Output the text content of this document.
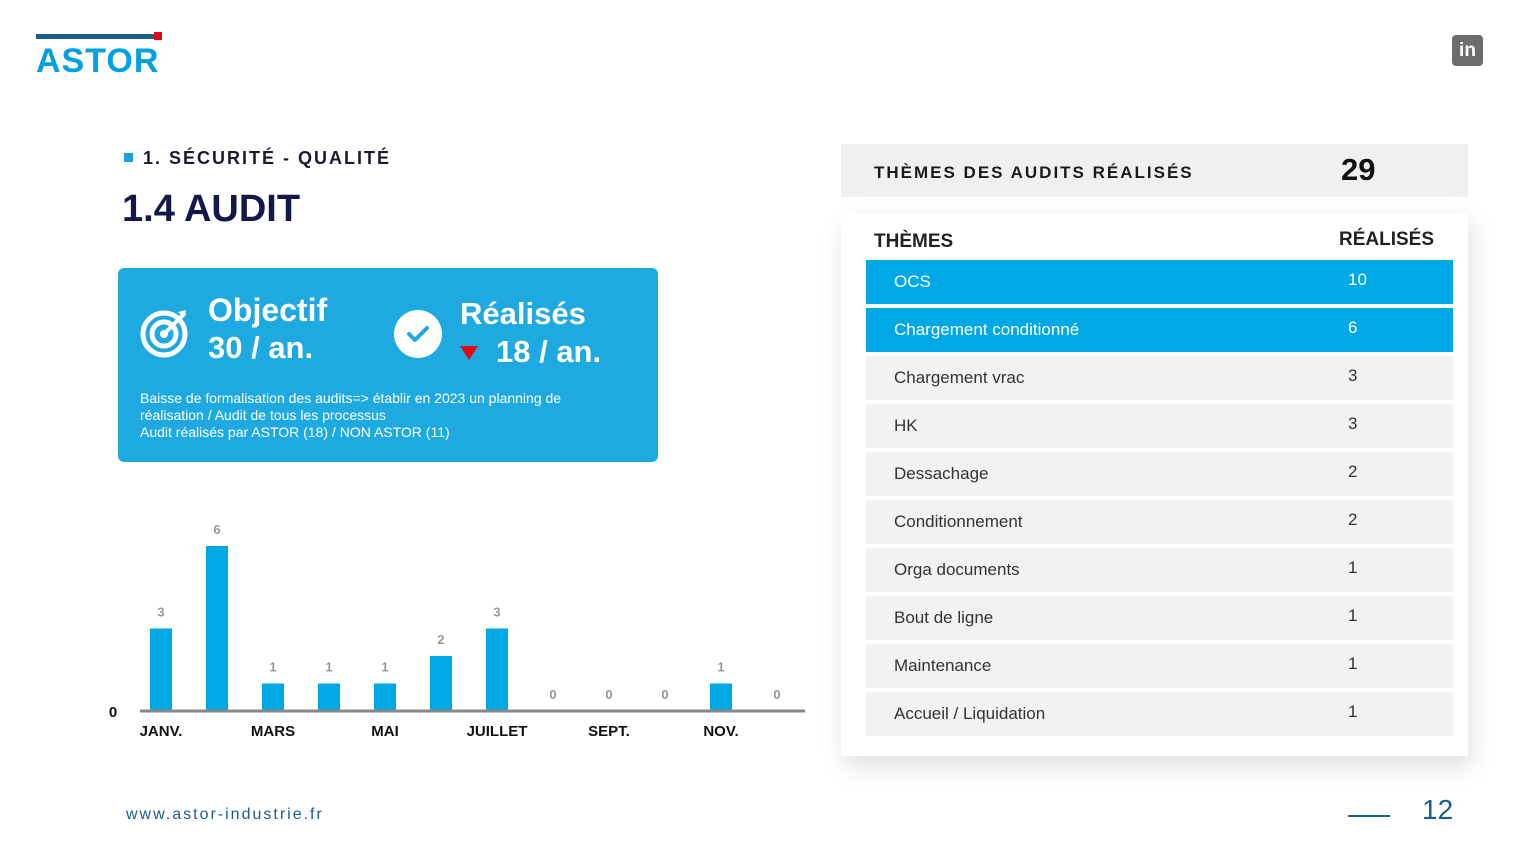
ASTOR	in
1. SÉCURITÉ - QUALITÉ
1.4 AUDIT
Objectif
30 / an.
Réalisés
18 / an.
Baisse de formalisation des audits=> établir en 2023 un planning de
réalisation / Audit de tous les processus
Audit réalisés par ASTOR (18) / NON ASTOR (11)
3
JANV.
6
1
MARS
1	1
MAI
2
3
JUILLET
0	0
SEPT.
0
1
NOV.
0
0
THÈMES DES AUDITS RÉALISÉS	29
THÈMES	RÉALISÉS
OCS	10
Chargement conditionné	6
Chargement vrac	3
HK	3
Dessachage	2
Conditionnement	2
Orga documents	1
Bout de ligne	1
Maintenance	1
Accueil / Liquidation	1
www.astor-industrie.fr	12
